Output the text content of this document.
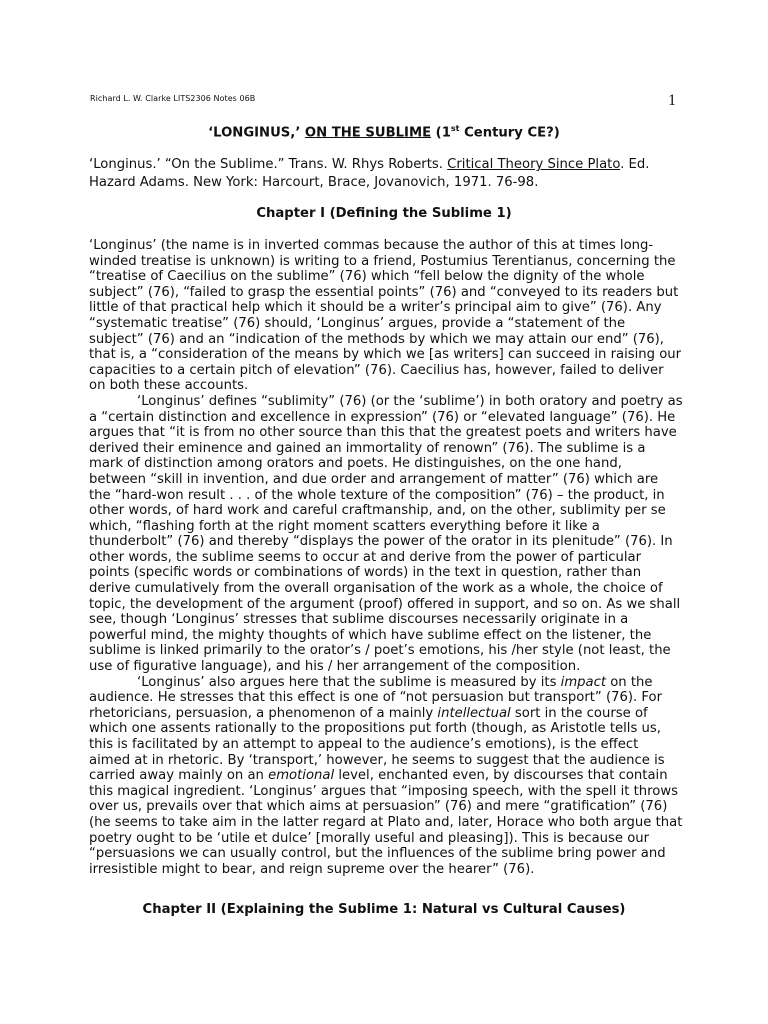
Richard L. W. Clarke LITS2306 Notes 06B	1
‘LONGINUS,’ ON THE SUBLIME (1st Century CE?)
‘Longinus.’ “On the Sublime.” Trans. W. Rhys Roberts. Critical Theory Since Plato. Ed. Hazard Adams. New York: Harcourt, Brace, Jovanovich, 1971. 76-98.
Chapter I (Defining the Sublime 1)

‘Longinus’ (the name is in inverted commas because the author of this at times long-winded treatise is unknown) is writing to a friend, Postumius Terentianus, concerning the “treatise of Caecilius on the sublime” (76) which “fell below the dignity of the whole subject” (76), “failed to grasp the essential points” (76) and “conveyed to its readers but little of that practical help which it should be a writer’s principal aim to give” (76). Any “systematic treatise” (76) should, ‘Longinus’ argues, provide a “statement of the subject” (76) and an “indication of the methods by which we may attain our end” (76), that is, a “consideration of the means by which we [as writers] can succeed in raising our capacities to a certain pitch of elevation” (76). Caecilius has, however, failed to deliver on both these accounts.

‘Longinus’ defines “sublimity” (76) (or the ‘sublime’) in both oratory and poetry as a “certain distinction and excellence in expression” (76) or “elevated language” (76). He argues that “it is from no other source than this that the greatest poets and writers have derived their eminence and gained an immortality of renown” (76). The sublime is a mark of distinction among orators and poets. He distinguishes, on the one hand, between “skill in invention, and due order and arrangement of matter” (76) which are the “hard-won result . . . of the whole texture of the composition” (76) – the product, in other words, of hard work and careful craftmanship, and, on the other, sublimity per se which, “flashing forth at the right moment scatters everything before it like a thunderbolt” (76) and thereby “displays the power of the orator in its plenitude” (76). In other words, the sublime seems to occur at and derive from the power of particular points (specific words or combinations of words) in the text in question, rather than derive cumulatively from the overall organisation of the work as a whole, the choice of topic, the development of the argument (proof) offered in support, and so on. As we shall see, though ‘Longinus’ stresses that sublime discourses necessarily originate in a powerful mind, the mighty thoughts of which have sublime effect on the listener, the sublime is linked primarily to the orator’s / poet’s emotions, his /her style (not least, the use of figurative language), and his / her arrangement of the composition.

‘Longinus’ also argues here that the sublime is measured by its impact on the audience. He stresses that this effect is one of “not persuasion but transport” (76). For rhetoricians, persuasion, a phenomenon of a mainly intellectual sort in the course of which one assents rationally to the propositions put forth (though, as Aristotle tells us, this is facilitated by an attempt to appeal to the audience’s emotions), is the effect aimed at in rhetoric. By ‘transport,’ however, he seems to suggest that the audience is carried away mainly on an emotional level, enchanted even, by discourses that contain this magical ingredient. ‘Longinus’ argues that “imposing speech, with the spell it throws over us, prevails over that which aims at persuasion” (76) and mere “gratification” (76) (he seems to take aim in the latter regard at Plato and, later, Horace who both argue that poetry ought to be ‘utile et dulce’ [morally useful and pleasing]). This is because our “persuasions we can usually control, but the influences of the sublime bring power and irresistible might to bear, and reign supreme over the hearer” (76).

Chapter II (Explaining the Sublime 1: Natural vs Cultural Causes)
